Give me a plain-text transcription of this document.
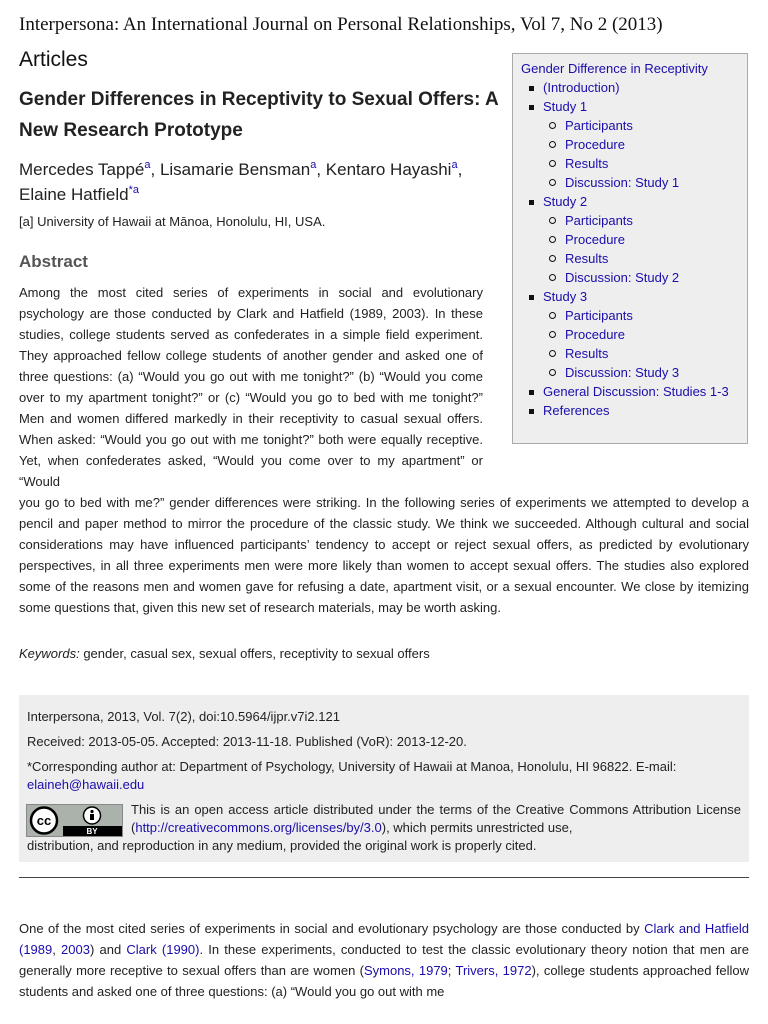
Interpersona: An International Journal on Personal Relationships, Vol 7, No 2 (2013)
Articles
Gender Differences in Receptivity to Sexual Offers: A New Research Prototype
Mercedes Tappé$^a$, Lisamarie Bensman$^a$, Kentaro Hayashi$^a$, Elaine Hatfield$^{*a}$
[a] University of Hawaii at Mānoa, Honolulu, HI, USA.
Abstract

Among the most cited series of experiments in social and evolutionary psychology are those conducted by Clark and Hatfield (1989, 2003). In these studies, college students served as confederates in a simple field experiment. They approached fellow college students of another gender and asked one of three questions: (a) “Would you go out with me tonight?” (b) “Would you come over to my apartment tonight?” or (c) “Would you go to bed with me tonight?” Men and women differed markedly in their receptivity to casual sexual offers. When asked: “Would you go out with me tonight?” both were equally receptive. Yet, when confederates asked, “Would you come over to my apartment” or “Would

you go to bed with me?” gender differences were striking. In the following series of experiments we attempted to develop a pencil and paper method to mirror the procedure of the classic study. We think we succeeded. Although cultural and social considerations may have influenced participants’ tendency to accept or reject sexual offers, as predicted by evolutionary perspectives, in all three experiments men were more likely than women to accept sexual offers. The studies also explored some of the reasons men and women gave for refusing a date, apartment visit, or a sexual encounter. We close by itemizing some questions that, given this new set of research materials, may be worth asking.

Keywords: gender, casual sex, sexual offers, receptivity to sexual offers
Gender Difference in Receptivity
(Introduction)
Study 1
Participants
Procedure
Results
Discussion: Study 1
Study 2
Participants
Procedure
Results
Discussion: Study 2
Study 3
Participants
Procedure
Results
Discussion: Study 3
General Discussion: Studies 1-3
References
Interpersona, 2013, Vol. 7(2), doi:10.5964/ijpr.v7i2.121
Received: 2013-05-05. Accepted: 2013-11-18. Published (VoR): 2013-12-20.
*Corresponding author at: Department of Psychology, University of Hawaii at Manoa, Honolulu, HI 96822. E-mail:
elaineh@hawaii.edu
cc
BY
This is an open access article distributed under the terms of the Creative Commons Attribution License (http://creativecommons.org/licenses/by/3.0), which permits unrestricted use,
distribution, and reproduction in any medium, provided the original work is properly cited.

One of the most cited series of experiments in social and evolutionary psychology are those conducted by Clark and Hatfield (1989, 2003) and Clark (1990). In these experiments, conducted to test the classic evolutionary theory notion that men are generally more receptive to sexual offers than are women (Symons, 1979; Trivers, 1972), college students approached fellow students and asked one of three questions: (a) “Would you go out with me
